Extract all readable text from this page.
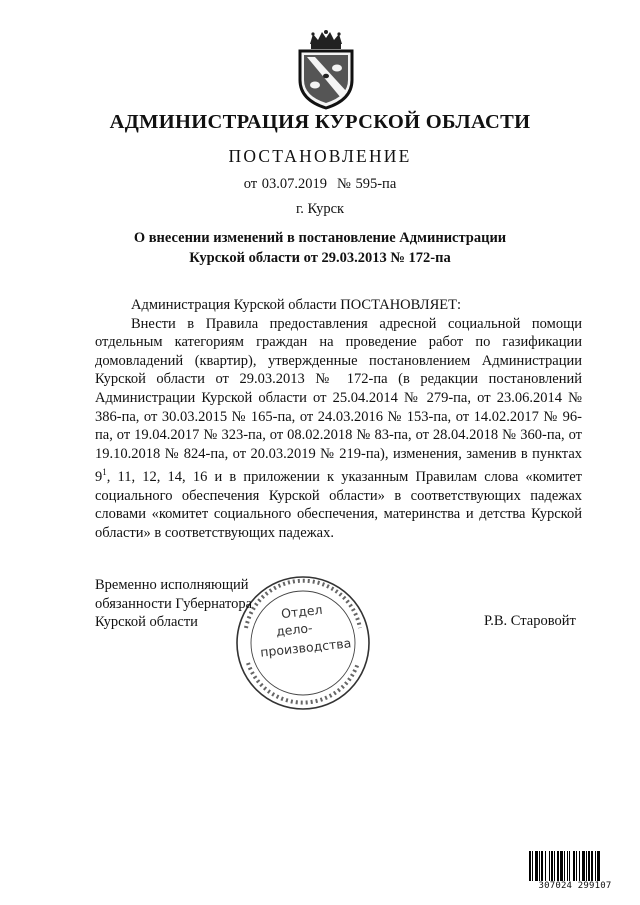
АДМИНИСТРАЦИЯ КУРСКОЙ ОБЛАСТИ
ПОСТАНОВЛЕНИЕ
от 03.07.2019 № 595-па
г. Курск
О внесении изменений в постановление Администрации
Курской области от 29.03.2013 № 172-па

Администрация Курской области ПОСТАНОВЛЯЕТ:

Внести в Правила предоставления адресной социальной помощи отдельным категориям граждан на проведение работ по газификации домовладений (квартир), утвержденные постановлением Администрации Курской области от 29.03.2013 № 172-па (в редакции постановлений Администрации Курской области от 25.04.2014 № 279-па, от 23.06.2014 № 386-па, от 30.03.2015 № 165-па, от 24.03.2016 № 153-па, от 14.02.2017 № 96-па, от 19.04.2017 № 323-па, от 08.02.2018 № 83-па, от 28.04.2018 № 360-па, от 19.10.2018 № 824-па, от 20.03.2019 № 219-па), изменения, заменив в пунктах $9^1$, 11, 12, 14, 16 и в приложении к указанным Правилам слова «комитет социального обеспечения Курской области» в соответствующих падежах словами «комитет социального обеспечения, материнства и детства Курской области» в соответствующих падежах.

Отдел
дело-
производства
Временно исполняющий
обязанности Губернатора
Курской области	Р.В. Старовойт
307024 299107
